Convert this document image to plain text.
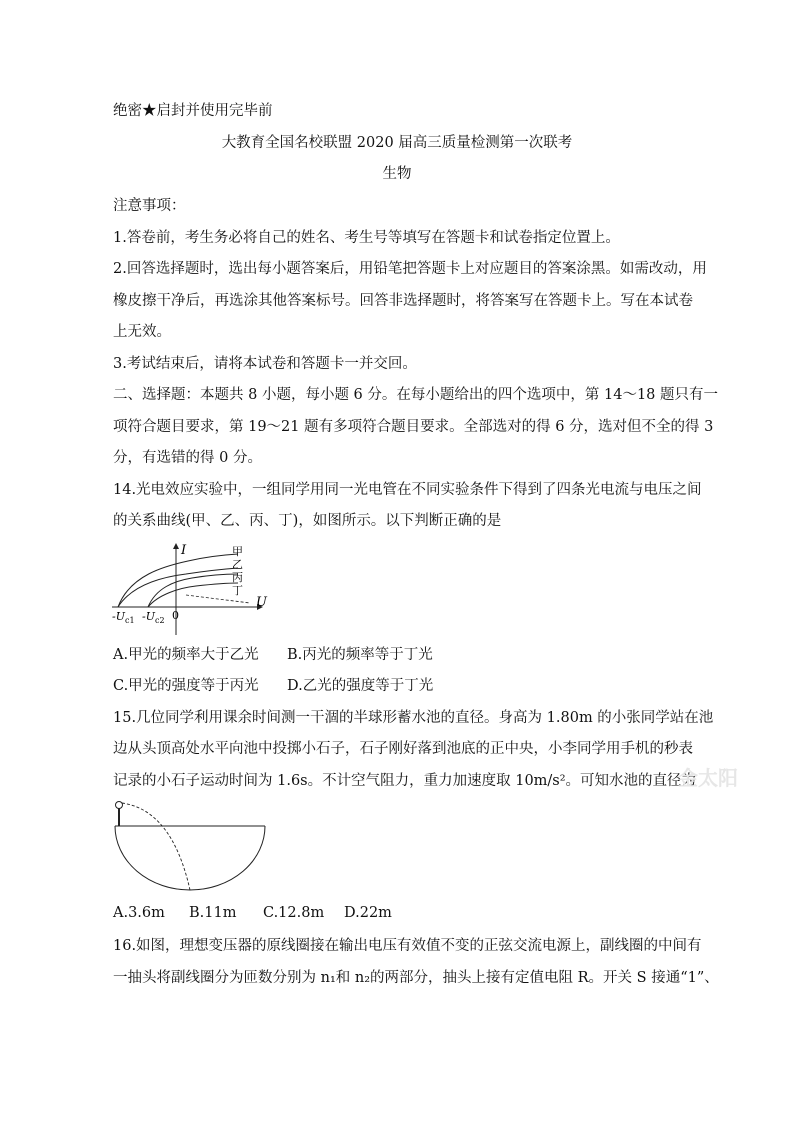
绝密★启封并使用完毕前
大教育全国名校联盟 2020 届高三质量检测第一次联考
生物
注意事项：
1.答卷前，考生务必将自己的姓名、考生号等填写在答题卡和试卷指定位置上。
2.回答选择题时，选出每小题答案后，用铅笔把答题卡上对应题目的答案涂黑。如需改动，用
橡皮擦干净后，再选涂其他答案标号。回答非选择题时，将答案写在答题卡上。写在本试卷
上无效。
3.考试结束后，请将本试卷和答题卡一并交回。
二、选择题：本题共 8 小题，每小题 6 分。在每小题给出的四个选项中，第 14～18 题只有一
项符合题目要求，第 19～21 题有多项符合题目要求。全部选对的得 6 分，选对但不全的得 3
分，有选错的得 0 分。
14.光电效应实验中，一组同学用同一光电管在不同实验条件下得到了四条光电流与电压之间
的关系曲线(甲、乙、丙、丁)，如图所示。以下判断正确的是
I
U
甲
乙
丙
丁
$-U_{c1}$ $-U_{c2}$ 0
A.甲光的频率大于乙光 B.丙光的频率等于丁光
C.甲光的强度等于丙光 D.乙光的强度等于丁光
15.几位同学利用课余时间测一干涸的半球形蓄水池的直径。身高为 1.80m 的小张同学站在池
边从头顶高处水平向池中投掷小石子，石子刚好落到池底的正中央，小李同学用手机的秒表
记录的小石子运动时间为 1.6s。不计空气阻力，重力加速度取 10m/s²。可知水池的直径为
金太阳
A.3.6m B.11m C.12.8m D.22m
16.如图，理想变压器的原线圈接在输出电压有效值不变的正弦交流电源上，副线圈的中间有
一抽头将副线圈分为匝数分别为 n₁和 n₂的两部分，抽头上接有定值电阻 R。开关 S 接通“1”、
